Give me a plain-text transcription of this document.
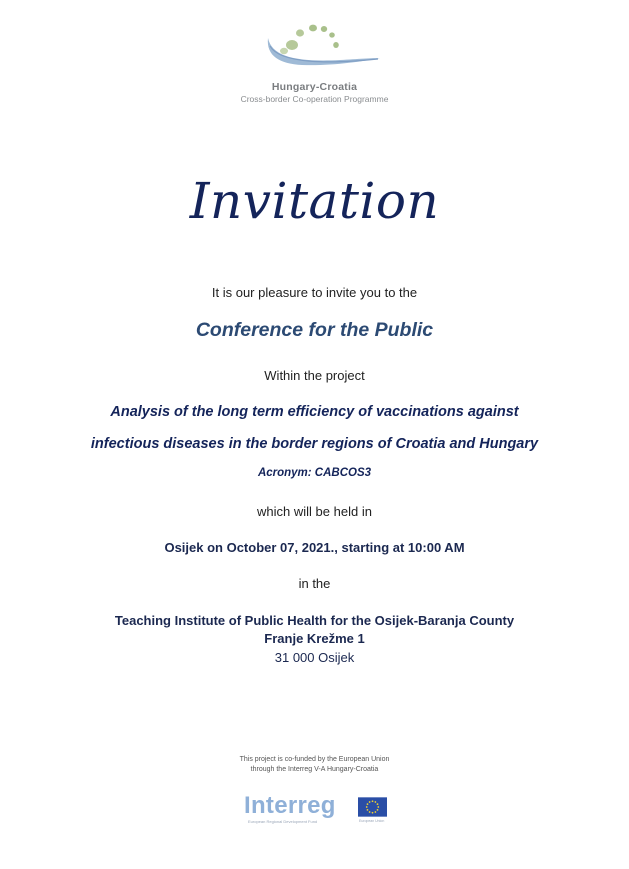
Hungary-Croatia
Cross-border Co-operation Programme
Invitation
It is our pleasure to invite you to the
Conference for the Public
Within the project
Analysis of the long term efficiency of vaccinations against
infectious diseases in the border regions of Croatia and Hungary
Acronym: CABCOS3
which will be held in
Osijek on October 07, 2021., starting at 10:00 AM
in the
Teaching Institute of Public Health for the Osijek-Baranja County
Franje Krežme 1
31 000 Osijek
This project is co-funded by the European Union
through the Interreg V-A Hungary-Croatia
Interreg
European Regional Development Fund	European Union
